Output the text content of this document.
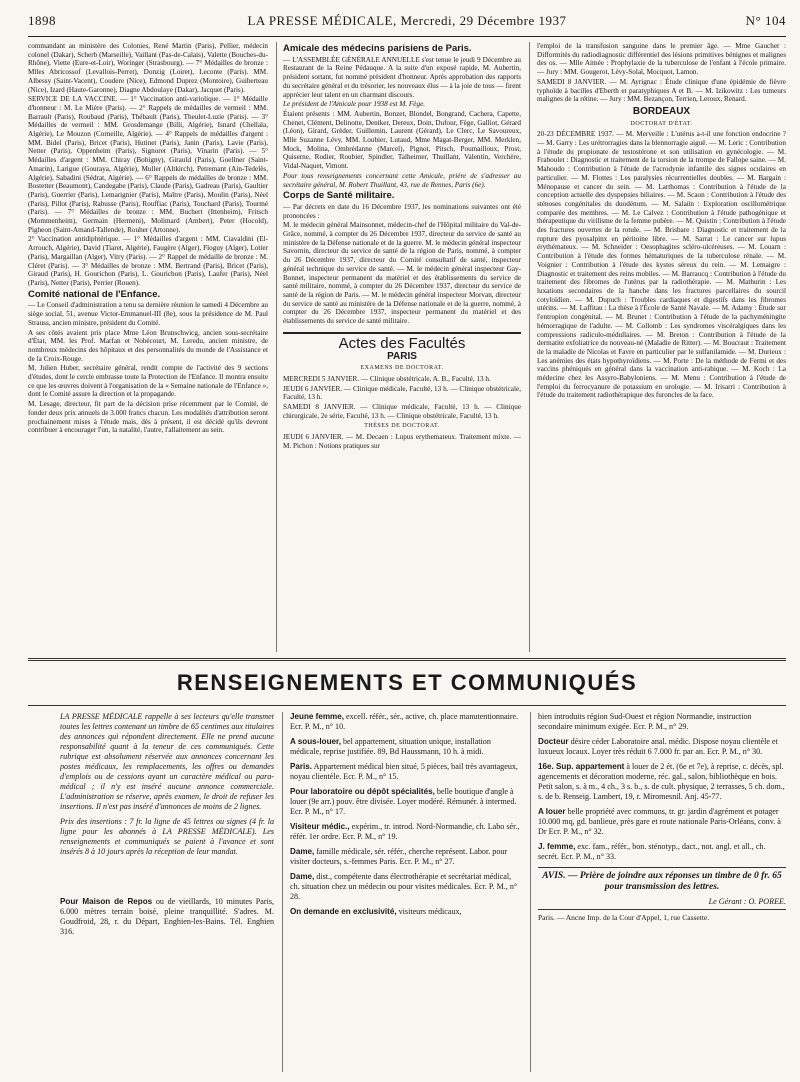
1898	LA PRESSE MÉDICALE, Mercredi, 29 Décembre 1937	N° 104

commandant au ministère des Colonies, René Martin (Paris), Pellier, médecin colonel (Dakar), Scherb (Marseille), Vaillant (Pas-de-Calais), Valette (Bouches-du-Rhône), Viette (Eure-et-Loir), Woringer (Strasbourg). — 7° Médailles de bronze : Mlles Abricossof (Levallois-Perret), Donzig (Loiret), Leconte (Paris). MM. Albessy (Saint-Vacent), Coudere (Nice), Edmond Duprez (Montoire), Guiberteau (Nice), Izard (Haute-Garonne), Diagne Abdoulaye (Dakar), Jacquet (Paris).

SERVICE DE LA VACCINE. — 1° Vaccination anti-variolique. — 1° Médaille d'honneur : M. Le Mière (Paris). — 2° Rappels de médailles de vermeil : MM. Barrault (Paris), Roubaud (Paris), Thébault (Paris), Theulet-Luzie (Paris). — 3° Médailles de vermeil : MM. Grosdemange (Billi, Algérie), Isnard (Chellala, Algérie), Le Mouzon (Corneille, Algérie). — 4° Rappels de médailles d'argent : MM. Bidel (Paris), Bricet (Paris), Hutinet (Paris), Janin (Paris), Lavie (Paris), Netter (Paris), Oppenheim (Paris), Signoret (Paris), Vinarin (Paris). — 5° Médailles d'argent : MM. Chiray (Bobigny), Girauld (Paris), Goellner (Saint-Amarin), Larigue (Gouraya, Algérie), Muller (Altkirch), Petremant (Ain-Tedelès, Algérie), Sabadini (Sédrat, Algérie). — 6° Rappels de médailles de bronze : MM. Bostetter (Beaumont), Candegabe (Paris), Claude (Paris), Gadreau (Paris), Gaultier (Paris), Guerrier (Paris), Lemarignier (Paris), Maître (Paris), Moulin (Paris), Néel (Paris), Pillot (Paris), Rabusse (Paris), Rouffiac (Paris), Touchard (Paris), Tourmé (Paris). — 7° Médailles de bronze : MM. Buchert (Ittenheim), Fritsch (Mommenheim), Germain (Hermeni), Molimard (Ambert), Peter (Hocold), Pigheon (Saint-Amand-Tallende), Rouher (Artonne).

2° Vaccination antidiphtérique. — 1° Médailles d'argent : MM. Ciavaldini (El-Arrouch, Algérie), David (Tiaret, Algérie), Faugère (Alger), Floguy (Alger), Lotier (Paris), Margaillan (Alger), Vitry (Paris). — 2° Rappel de médaille de bronze : M. Cléret (Paris). — 3° Médailles de bronze : MM. Bertrand (Paris), Bricet (Paris), Giraud (Paris), H. Gourichon (Paris), L. Gourichon (Paris), Laufer (Paris), Néel (Paris), Netter (Paris), Perrier (Rouen).

Comité national de l'Enfance.

— Le Conseil d'administration a tenu sa dernière réunion le samedi 4 Décembre au siège social, 51, avenue Victor-Emmanuel-III (8e), sous la présidence de M. Paul Strauss, ancien ministre, président du Comité.

A ses côtés avaient pris place Mme Léon Brunschwicg, ancien sous-secrétaire d'État, MM. les Prof. Marfan et Nobécourt, M. Leredu, ancien ministre, de nombreux médecins des hôpitaux et des personnalités du monde de l'Assistance et de la Croix-Rouge.

M. Julien Huber, secrétaire général, rendit compte de l'activité des 9 sections d'études, dont le cercle embrasse toute la Protection de l'Enfance. Il montra ensuite ce que les œuvres doivent à l'organisation de la « Semaine nationale de l'Enfance », dont le Comité assure la direction et la propagande.

M. Lesage, directeur, fit part de la décision prise récemment par le Comité, de fonder deux prix annuels de 3.000 francs chacun. Les modalités d'attribution seront prochainement mises à l'étude mais, dès à présent, il est décidé qu'ils devront contribuer à encourager l'un, la natalité, l'autre, l'allaitement au sein.

Amicale des médecins parisiens de Paris.

— L'ASSEMBLÉE GÉNÉRALE ANNUELLE s'est tenue le jeudi 9 Décembre au Restaurant de la Reine Pédauque. A la suite d'un exposé rapide, M. Aubertin, président sortant, fut nommé président d'honneur. Après approbation des rapports du secrétaire général et du trésorier, les nouveaux élus — à la joie de tous — firent apprécier leur talent en un charmant discours.

Le président de l'Amicale pour 1938 est M. Fège.

Étaient présents : MM. Aubertin, Bonzet, Blondel, Bongrand, Cachera, Capette, Chenet, Clément, Delinotte, Deniker, Dereux, Doin, Dufour, Fège, Galliot, Gérard (Léon), Girard, Grèder, Guillemin, Laurent (Gérard), Le Clerc, Le Savoureux, Mlle Suzanne Lévy, MM. Loubier, Lutaud, Mme Magat-Berger, MM. Merklen, Mock, Molina, Ombrédanne (Marcel), Pignot, Pitsch, Poumailloux, Prost, Quiserne, Rodier, Roubier, Spindler, Talheimer, Thuillant, Valentin, Verchère, Vidal-Naquet, Vimont.

Pour tous renseignements concernant cette Amicale, prière de s'adresser au secrétaire général, M. Robert Thuillant, 43, rue de Rennes, Paris (6e).

Corps de Santé militaire.

— Par décrets en date du 16 Décembre 1937, les nominations suivantes ont été prononcées :

M. le médecin général Mainsonnet, médecin-chef de l'Hôpital militaire du Val-de-Grâce, nommé, à compter du 26 Décembre 1937, directeur du service de santé au ministère de la Défense nationale et de la guerre. M. le médecin général inspecteur Savornin, directeur du service de santé de la région de Paris, nommé, à compter du 26 Décembre 1937, directeur du Comité consultatif de santé, inspecteur général technique du service de santé. — M. le médecin général inspecteur Gay-Bonnet, inspecteur permanent du matériel et des établissements du service de santé militaire, nommé, à compter du 26 Décembre 1937, directeur du service de santé de la région de Paris. — M. le médecin général inspecteur Morvan, directeur du service de santé au ministère de la Défense nationale et de la guerre, nommé, à compter du 26 Décembre 1937, inspecteur permanent du matériel et des établissements du service de santé militaire.

Actes des Facultés
PARIS
EXAMENS DE DOCTORAT.

MERCREDI 5 JANVIER. — Clinique obstétricale, A. B., Faculté, 13 h.

JEUDI 6 JANVIER. — Clinique médicale, Faculté, 13 h. — Clinique obstétricale, Faculté, 13 h.

SAMEDI 8 JANVIER. — Clinique médicale, Faculté, 13 h. — Clinique chirurgicale, 2e série, Faculté, 13 h. — Clinique obstétricale, Faculté, 13 h.

THÈSES DE DOCTORAT.

JEUDI 6 JANVIER. — M. Decaen : Lupus erythemateux. Traitement mixte. — M. Pichon : Notions pratiques sur

l'emploi de la transfusion sanguine dans le premier âge. — Mme Gaucher : Difformités du radiodiagnostic différentiel des lésions primitives bénignes et malignes des os. — Mlle Aimée : Prophylaxie de la tuberculose de l'enfant à l'école primaire. — Jury : MM. Gougerot, Lévy-Solal, Mocquot, Lamon.

SAMEDI 8 JANVIER. — M. Ayrignac : Étude clinique d'une épidémie de fièvre typhoïde à bacilles d'Eberth et paratyphiques A et B. — M. Izikowitz : Les tumeurs malignes de la rétine. — Jury : MM. Bezançon, Terrien, Leroux, Renard.

BORDEAUX
DOCTORAT D'ÉTAT.

20-23 DÉCEMBRE 1937. — M. Merveille : L'utérus a-t-il une fonction endocrine ? — M. Garry : Les urétrorragies dans la blennorragie aiguë. — M. Leric : Contribution à l'étude du propionate de testostérone et son utilisation en gynécologie. — M. Fraboulet : Diagnostic et traitement de la torsion de la trompe de Fallope saine. — M. Mahoudo : Contribution à l'étude de l'acrodynie infantile des signes oculaires en particulier. — M. Flottes : Les paralysies récurrentielles doubles. — M. Bargain : Ménopause et cancer du sein. — M. Larthomas : Contribution à l'étude de la conception actuelle des dyspepsies biliaires. — M. Scaon : Contribution à l'étude des sténoses congénitales du duodénum. — M. Salaün : Exploration oscillométrique comparée des membres. — M. Le Calvez : Contribution à l'étude pathogénique et thérapeutique du virilisme de la femme pubère. — M. Quistin : Contribution à l'étude des fractures ouvertes de la rotule. — M. Brisbare : Diagnostic et traitement de la rupture des pyosalpinx en péritoine libre. — M. Sarrat : Le cancer sur lupus érythémateux. — M. Schneider : Oesophagites scléro-ulcéreuses. — M. Louarn : Contribution à l'étude des formes hématuriques de la tuberculose rénale. — M. Voignier : Contribution à l'étude des kystes séreux du rein. — M. Lemaigre : Diagnostic et traitement des reins mobiles. — M. Barraucq : Contribution à l'étude du traitement des fibromes de l'utérus par la radiothérapie. — M. Mathurin : Les luxations secondaires de la hanche dans les fractures parcellaires du sourcil cotyloïdien. — M. Dupuch : Troubles cardiaques et digestifs dans les fibromes utérins. — M. Laffitau : La thèse à l'École de Santé Navale. — M. Adamy : Étude sur l'entropion congénital. — M. Brunet : Contribution à l'étude de la pachyméningite hémorragique de l'adulte. — M. Collomb : Les syndromes viscéralgiques dans les compressions radiculo-médullaires. — M. Breton : Contribution à l'étude de la dermatite exfoliatrice du nouveau-né (Maladie de Ritter). — M. Boucraut : Traitement de la maladie de Nicolas et Favre en particulier par le sulfanilamide. — M. Durieux : Les anémies des états hypothyroïdiens. — M. Porte : De la méthode de Fermi et des vaccins phéniqués en général dans la vaccination anti-rabique. — M. Koch : La médecine chez les Assyro-Babyloniens. — M. Menu : Contribution à l'étude de l'emploi du ferrocyanure de potassium en urologie. — M. Irisarri : Contribution à l'étude du traitement radiothérapique des furoncles de la face.

RENSEIGNEMENTS ET COMMUNIQUÉS

LA PRESSE MÉDICALE rappelle à ses lecteurs qu'elle transmet toutes les lettres contenant un timbre de 65 centimes aux titulaires des annonces qui répondent directement. Elle ne prend aucune responsabilité quant à la teneur de ces communiqués. Cette rubrique est absolument réservée aux annonces concernant les postes médicaux, les remplacements, les offres ou demandes d'emplois ou de cessions ayant un caractère médical ou para-médical ; il n'y est inséré aucune annonce commerciale. L'administration se réserve, après examen, le droit de refuser les insertions. Il n'est pas inséré d'annonces de moins de 2 lignes.

Prix des insertions : 7 fr. la ligne de 45 lettres ou signes (4 fr. la ligne pour les abonnés à LA PRESSE MÉDICALE). Les renseignements et communiqués se paient à l'avance et sont insérés 8 à 10 jours après la réception de leur mandat.

Pour Maison de Repos ou de vieillards, 10 minutes Paris, 6.000 mètres terrain boisé, pleine tranquillité. S'adres. M. Goudfroid, 28, r. du Départ, Enghien-les-Bains. Tél. Enghien 316.

Jeune femme, excell. référ., sér., active, ch. place manutentionnaire. Ecr. P. M., n° 10.

A sous-louer, bel appartement, situation unique, installation médicale, reprise justifiée. 89, Bd Haussmann, 10 h. à midi.

Paris. Appartement médical bien situé, 5 pièces, bail très avantageux, noyau clientèle. Ecr. P. M., n° 15.

Pour laboratoire ou dépôt spécialités, belle boutique d'angle à louer (9e arr.) pouv. être divisée. Loyer modéré. Rémunér. à intermed. Ecr. P. M., n° 17.

Visiteur médic., expérim., tr. introd. Nord-Normandie, ch. Labo sér., référ. 1er ordre. Ecr. P. M., n° 19.

Dame, famille médicale, sér. référ., cherche représent. Labor. pour visiter docteurs, s.-femmes Paris. Ecr. P. M., n° 27.

Dame, dist., compétente dans électrothérapie et secrétariat médical, ch. situation chez un médecin ou pour visites médicales. Ecr. P. M., n° 28.

On demande en exclusivité, visiteurs médicaux,

bien introduits région Sud-Ouest et région Normandie, instruction secondaire minimum exigée. Ecr. P. M., n° 29.

Docteur désire céder Laboratoire anal. médic. Dispose noyau clientèle et luxueux locaux. Loyer très réduit 6 7.000 fr. par an. Ecr. P. M., n° 30.

16e. Sup. appartement à louer de 2 ét. (6e et 7e), à reprise, c. décès, spl. agencements et décoration moderne, réc. gal., salon, bibliothèque en bois. Petit salon, s. à m., 4 ch., 3 s. b., s. de cult. physique, 2 terrasses, 5 ch. dom., s. de b. Renseig. Lambert, 19, r. Miromesnil. Anj. 45-77.

A louer belle propriété avec communs, tr. gr. jardin d'agrément et potager 10.000 mq, gd. banlieue, près gare et route nationale Paris-Orléans, conv. à Dr Ecr. P. M., n° 32.

J. femme, exc. fam., référ., bon. sténotyp., dact., not. angl. et all., ch. secrét. Ecr. P. M., n° 33.

AVIS. — Prière de joindre aux réponses un timbre de 0 fr. 65 pour transmission des lettres.
Le Gérant : O. POREE.
Paris. — Ancne Imp. de la Cour d'Appel, 1, rue Cassette.
